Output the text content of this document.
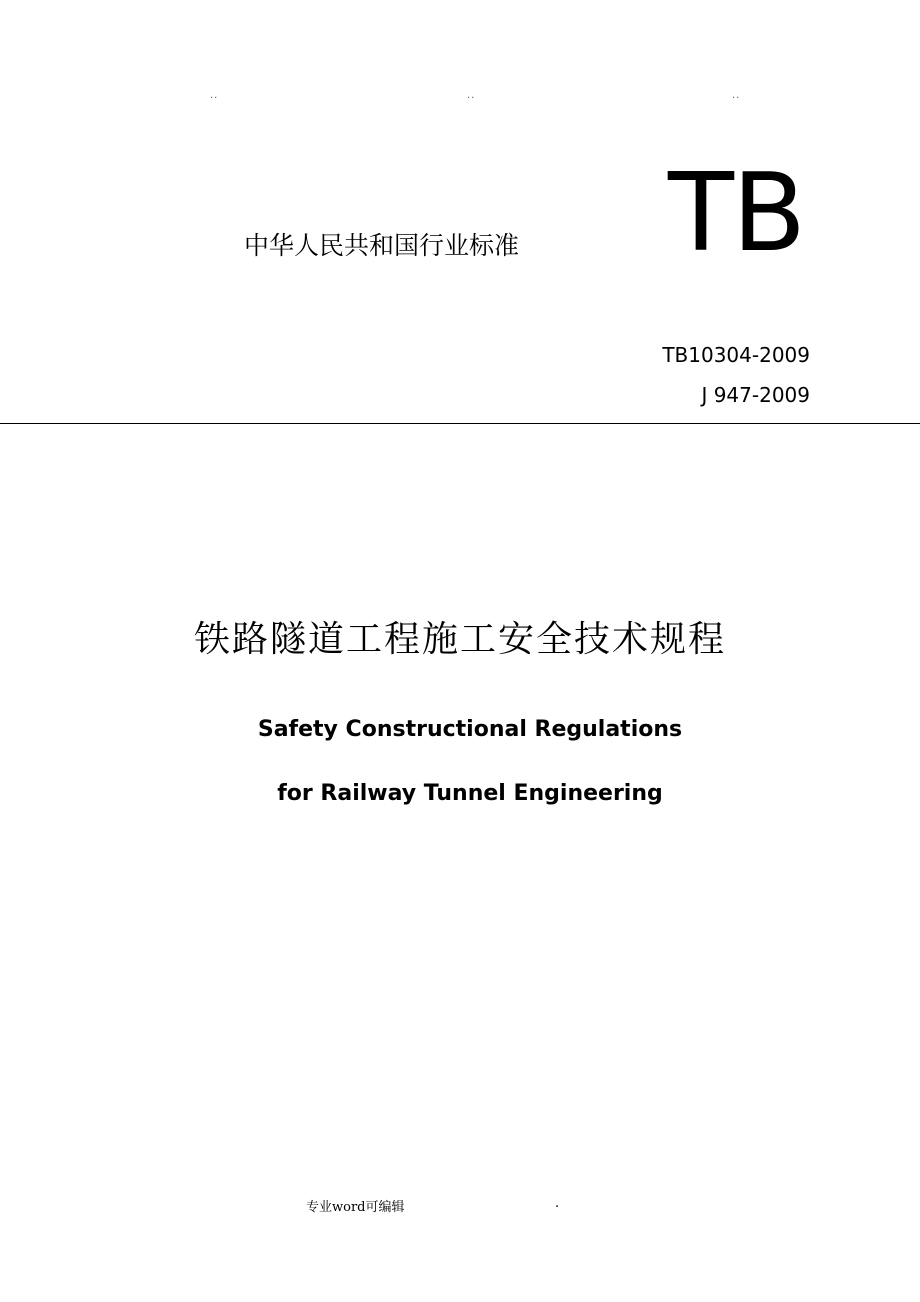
..	..	..
中华人民共和国行业标准 TB
TB10304-2009
J 947-2009
铁路隧道工程施工安全技术规程
Safety Constructional Regulations
for Railway Tunnel Engineering
专业word可编辑	.
